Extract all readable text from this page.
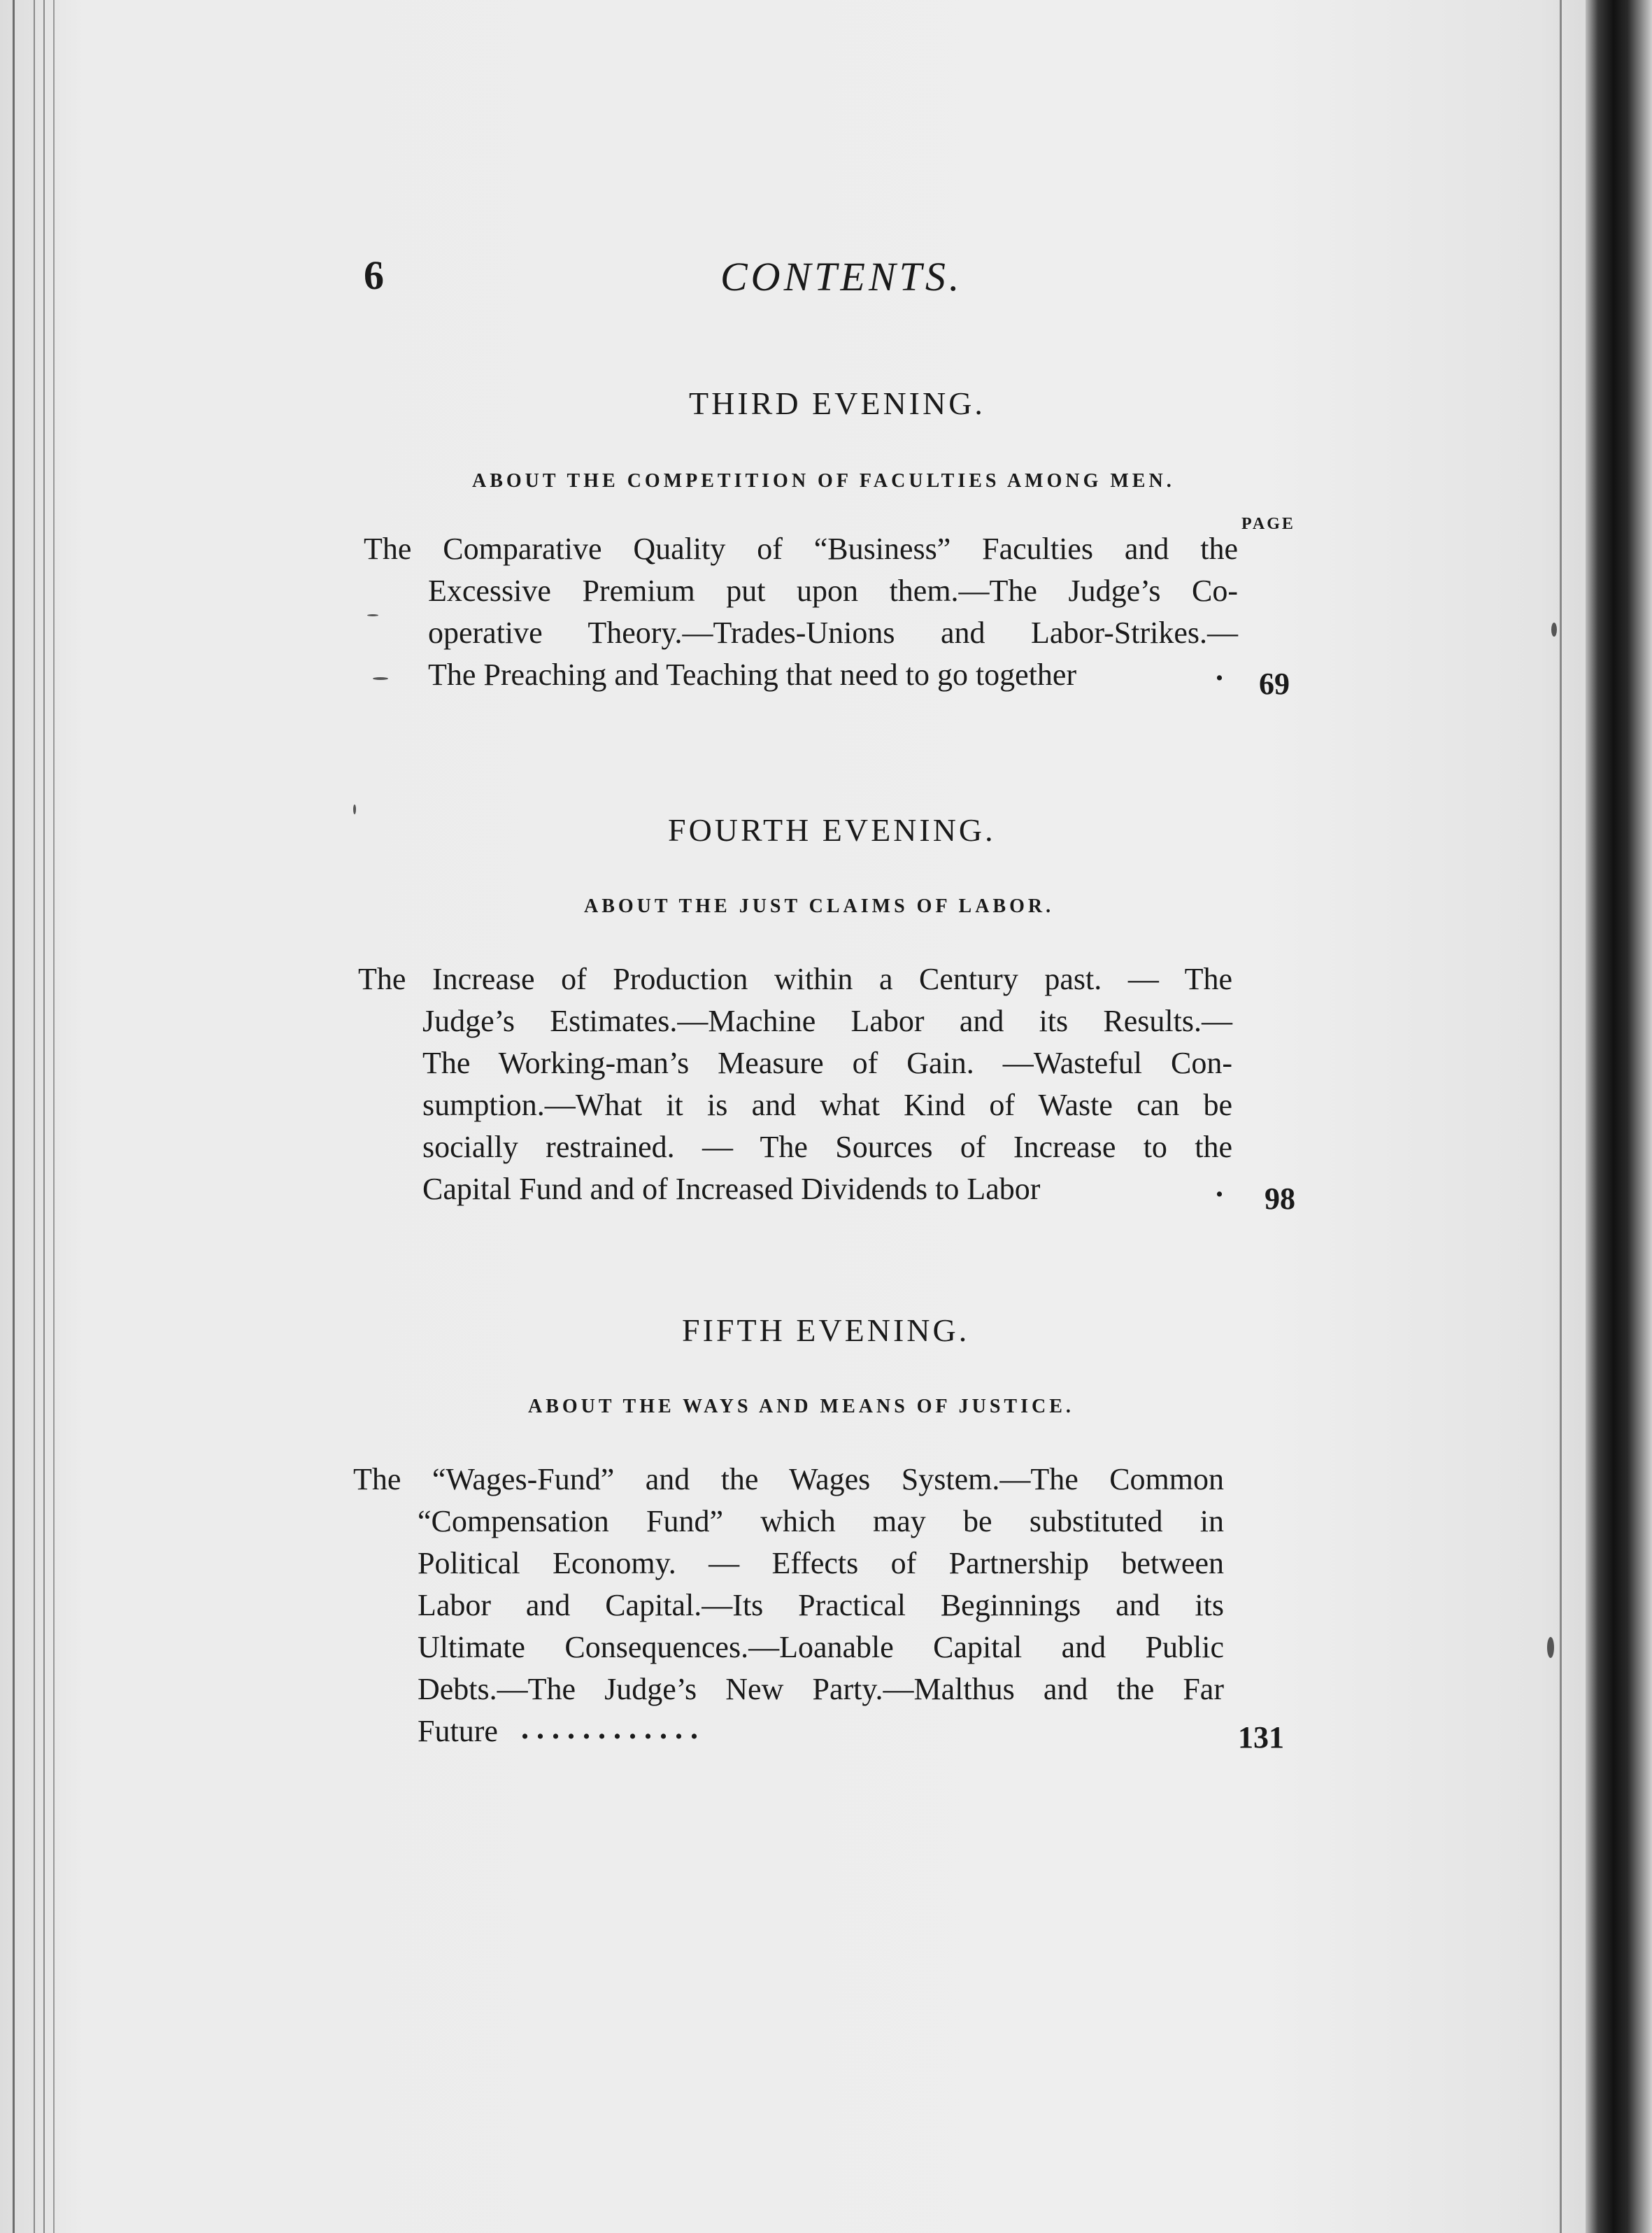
6	CONTENTS.
THIRD EVENING.
ABOUT THE COMPETITION OF FACULTIES AMONG MEN.
PAGE
The Comparative Quality of “Business” Faculties and the
Excessive Premium put upon them.—The Judge’s Co-
operative Theory.—Trades-Unions and Labor-Strikes.—
The Preaching and Teaching that need to go together	. 69
FOURTH EVENING.
ABOUT THE JUST CLAIMS OF LABOR.
The Increase of Production within a Century past. — The
Judge’s Estimates.—Machine Labor and its Results.—
The Working-man’s Measure of Gain. —Wasteful Con-
sumption.—What it is and what Kind of Waste can be
socially restrained. — The Sources of Increase to the
Capital Fund and of Increased Dividends to Labor	. 98
FIFTH EVENING.
ABOUT THE WAYS AND MEANS OF JUSTICE.
The “Wages-Fund” and the Wages System.—The Common
“Compensation Fund” which may be substituted in
Political Economy. — Effects of Partnership between
Labor and Capital.—Its Practical Beginnings and its
Ultimate Consequences.—Loanable Capital and Public
Debts.—The Judge’s New Party.—Malthus and the Far
Future . . . . . . . . . . . .	131
